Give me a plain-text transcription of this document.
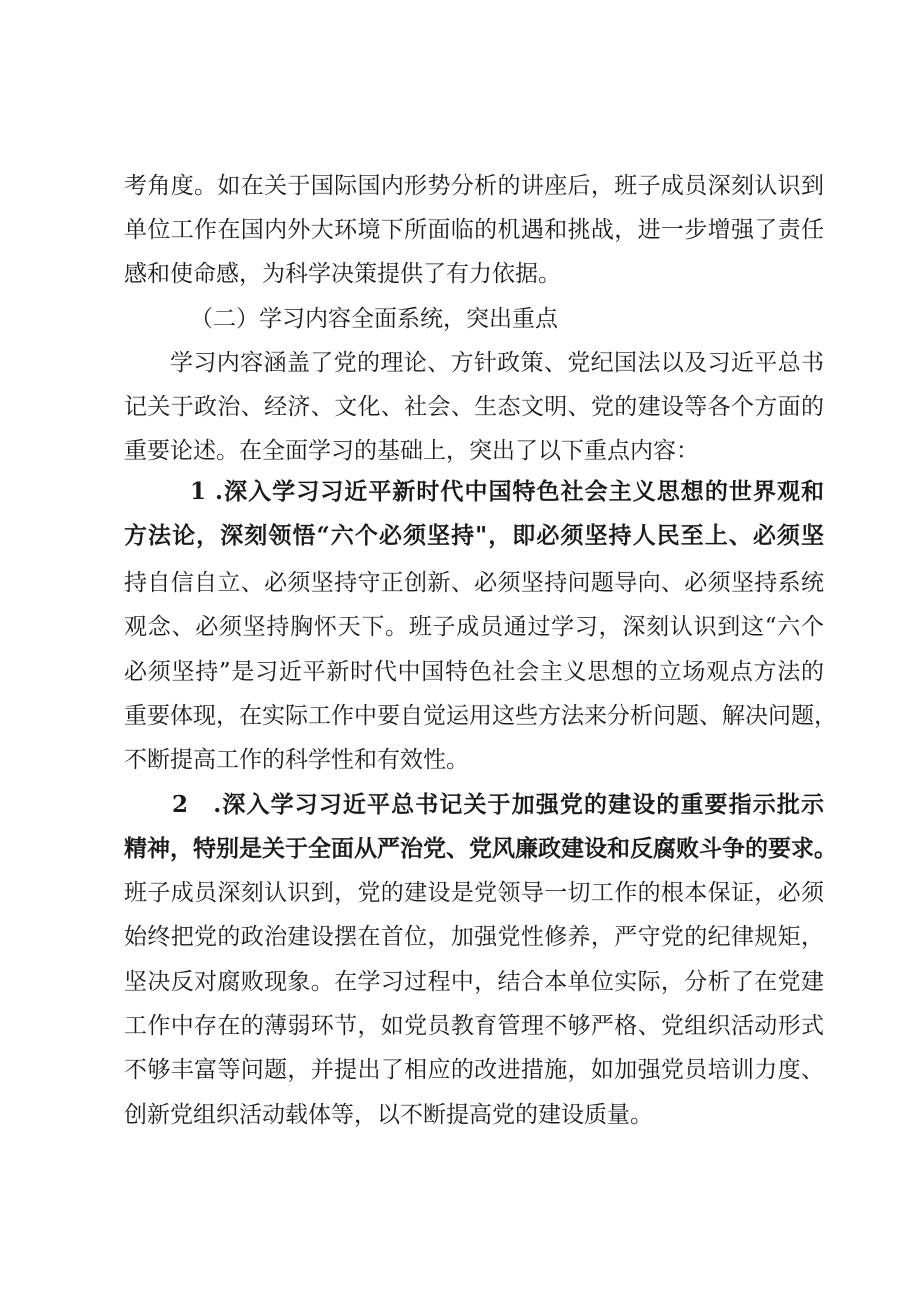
考角度。如在关于国际国内形势分析的讲座后，班子成员深刻认识到
单位工作在国内外大环境下所面临的机遇和挑战，进一步增强了责任
感和使命感，为科学决策提供了有力依据。
（二）学习内容全面系统，突出重点
学习内容涵盖了党的理论、方针政策、党纪国法以及习近平总书
记关于政治、经济、文化、社会、生态文明、党的建设等各个方面的
重要论述。在全面学习的基础上，突出了以下重点内容：
1 .深入学习习近平新时代中国特色社会主义思想的世界观和
方法论，深刻领悟“六个必须坚持"，即必须坚持人民至上、必须坚
持自信自立、必须坚持守正创新、必须坚持问题导向、必须坚持系统
观念、必须坚持胸怀天下。班子成员通过学习，深刻认识到这“六个
必须坚持”是习近平新时代中国特色社会主义思想的立场观点方法的
重要体现，在实际工作中要自觉运用这些方法来分析问题、解决问题，
不断提高工作的科学性和有效性。
2　.深入学习习近平总书记关于加强党的建设的重要指示批示
精神，特别是关于全面从严治党、党风廉政建设和反腐败斗争的要求。
班子成员深刻认识到，党的建设是党领导一切工作的根本保证，必须
始终把党的政治建设摆在首位，加强党性修养，严守党的纪律规矩，
坚决反对腐败现象。在学习过程中，结合本单位实际，分析了在党建
工作中存在的薄弱环节，如党员教育管理不够严格、党组织活动形式
不够丰富等问题，并提出了相应的改进措施，如加强党员培训力度、
创新党组织活动载体等，以不断提高党的建设质量。
